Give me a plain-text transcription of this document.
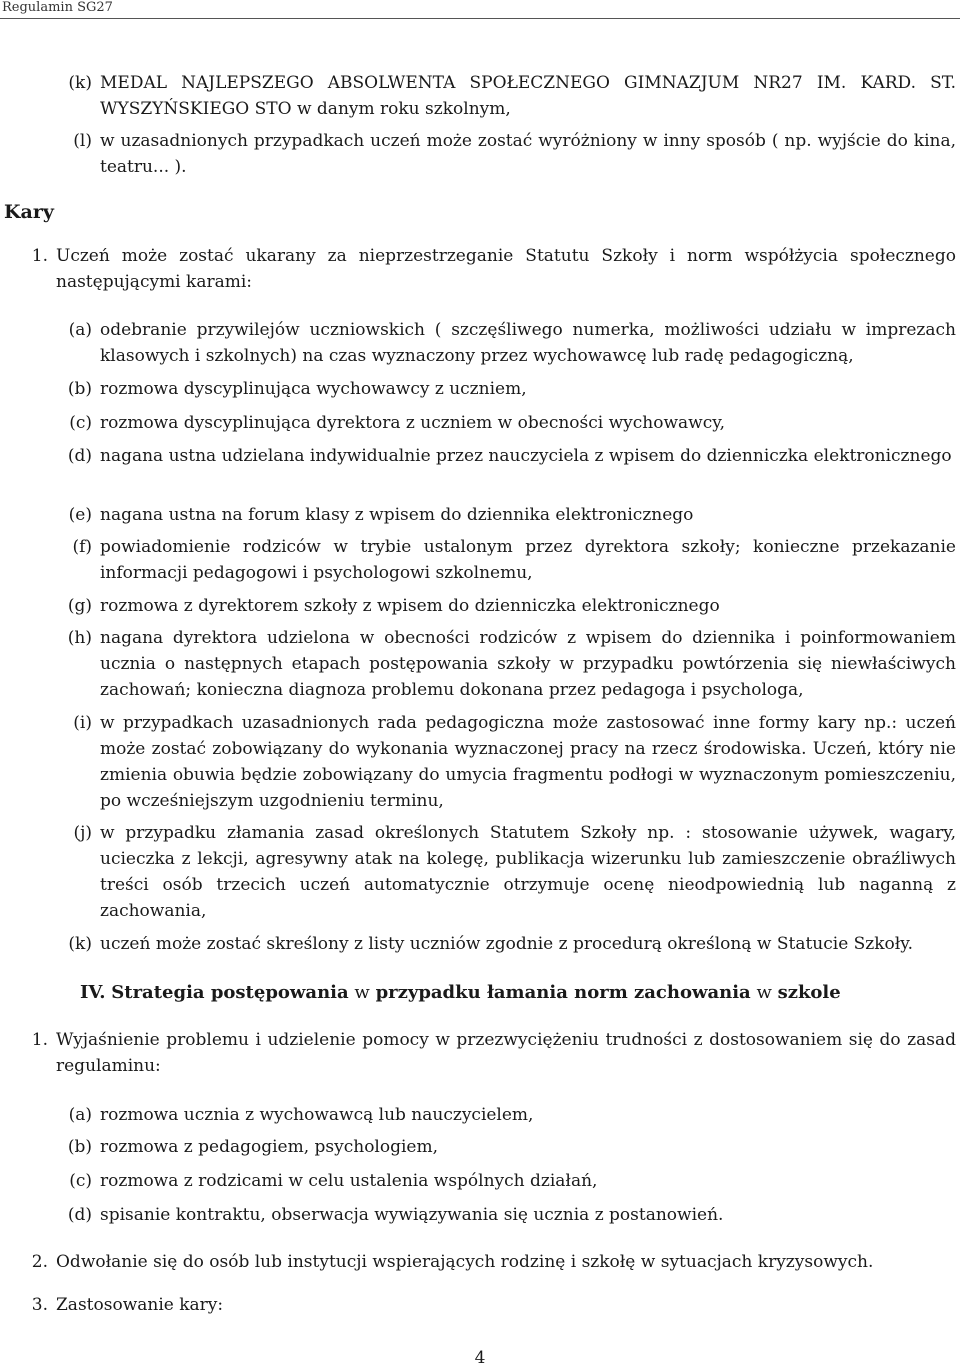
Regulamin SG27
(k) MEDAL NAJLEPSZEGO ABSOLWENTA SPOŁECZNEGO GIMNAZJUM NR27 IM. KARD. ST. WYSZYŃSKIEGO STO w danym roku szkolnym,
(l) w uzasadnionych przypadkach uczeń może zostać wyróżniony w inny sposób ( np. wyjście do kina, teatru... ).
Kary
1. Uczeń może zostać ukarany za nieprzestrzeganie Statutu Szkoły i norm współżycia społecznego następującymi karami:
(a) odebranie przywilejów uczniowskich ( szczęśliwego numerka, możliwości udziału w imprezach klasowych i szkolnych) na czas wyznaczony przez wychowawcę lub radę pedagogiczną,
(b) rozmowa dyscyplinująca wychowawcy z uczniem,
(c) rozmowa dyscyplinująca dyrektora z uczniem w obecności wychowawcy,
(d) nagana ustna udzielana indywidualnie przez nauczyciela z wpisem do dzienniczka elektronicznego
(e) nagana ustna na forum klasy z wpisem do dziennika elektronicznego
(f) powiadomienie rodziców w trybie ustalonym przez dyrektora szkoły; konieczne przekazanie informacji pedagogowi i psychologowi szkolnemu,
(g) rozmowa z dyrektorem szkoły z wpisem do dzienniczka elektronicznego
(h) nagana dyrektora udzielona w obecności rodziców z wpisem do dziennika i poinformowaniem ucznia o następnych etapach postępowania szkoły w przypadku powtórzenia się niewłaściwych zachowań; konieczna diagnoza problemu dokonana przez pedagoga i psychologa,
(i) w przypadkach uzasadnionych rada pedagogiczna może zastosować inne formy kary np.: uczeń może zostać zobowiązany do wykonania wyznaczonej pracy na rzecz środowiska. Uczeń, który nie zmienia obuwia będzie zobowiązany do umycia fragmentu podłogi w wyznaczonym pomieszczeniu, po wcześniejszym uzgodnieniu terminu,
(j) w przypadku złamania zasad określonych Statutem Szkoły np. : stosowanie używek, wagary, ucieczka z lekcji, agresywny atak na kolegę, publikacja wizerunku lub zamieszczenie obraźliwych treści osób trzecich uczeń automatycznie otrzymuje ocenę nieodpowiednią lub naganną z zachowania,
(k) uczeń może zostać skreślony z listy uczniów zgodnie z procedurą określoną w Statucie Szkoły.
IV. Strategia postępowania w przypadku łamania norm zachowania w szkole
1. Wyjaśnienie problemu i udzielenie pomocy w przezwyciężeniu trudności z dostosowaniem się do zasad regulaminu:
(a) rozmowa ucznia z wychowawcą lub nauczycielem,
(b) rozmowa z pedagogiem, psychologiem,
(c) rozmowa z rodzicami w celu ustalenia wspólnych działań,
(d) spisanie kontraktu, obserwacja wywiązywania się ucznia z postanowień.
2. Odwołanie się do osób lub instytucji wspierających rodzinę i szkołę w sytuacjach kryzysowych.
3. Zastosowanie kary:
4
